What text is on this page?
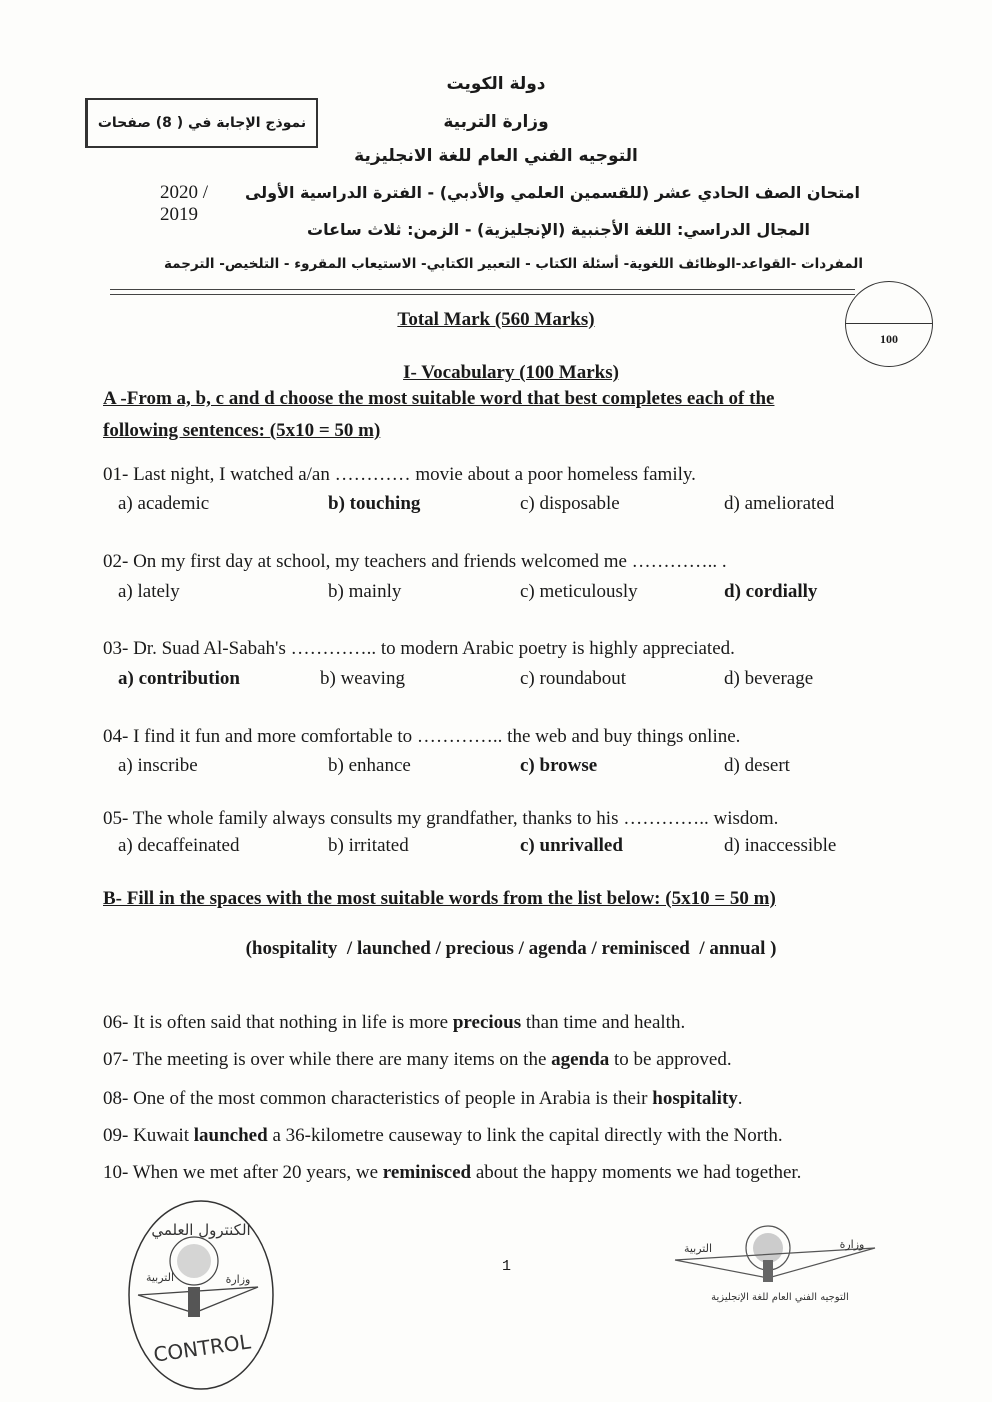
دولة الكويت
وزارة التربية
التوجيه الفني العام للغة الانجليزية
امتحان الصف الحادي عشر (للقسمين العلمي والأدبي) - الفترة الدراسية الأولى
2020 / 2019
المجال الدراسي: اللغة الأجنبية (الإنجليزية) - الزمن: ثلاث ساعات
المفردات -القواعد-الوظائف اللغوية- أسئلة الكتاب - التعبير الكتابي- الاستيعاب المقروء - التلخيص- الترجمة
نموذج الإجابة في ( 8) صفحات
100
Total Mark (560 Marks)
I- Vocabulary (100 Marks)
A -From a, b, c and d choose the most suitable word that best completes each of the
following sentences: (5x10 = 50 m)
01- Last night, I watched a/an ………… movie about a poor homeless family.
a) academic	b) touching	c) disposable	d) ameliorated
02- On my first day at school, my teachers and friends welcomed me ………….. .
a) lately	b) mainly	c) meticulously	d) cordially
03- Dr. Suad Al-Sabah's ………….. to modern Arabic poetry is highly appreciated.
a) contribution	b) weaving	c) roundabout	d) beverage
04- I find it fun and more comfortable to ………….. the web and buy things online.
a) inscribe	b) enhance	c) browse	d) desert
05- The whole family always consults my grandfather, thanks to his ………….. wisdom.
a) decaffeinated	b) irritated	c) unrivalled	d) inaccessible
B- Fill in the spaces with the most suitable words from the list below: (5x10 = 50 m)
(hospitality  / launched / precious / agenda / reminisced  / annual )
06- It is often said that nothing in life is more precious than time and health.
07- The meeting is over while there are many items on the agenda to be approved.
08- One of the most common characteristics of people in Arabia is their hospitality.
09- Kuwait launched a 36-kilometre causeway to link the capital directly with the North.
10- When we met after 20 years, we reminisced about the happy moments we had together.
1
الكنترول العلمي
التربية	وزارة
CONTROL
وزارة
التربية
التوجيه الفني العام للغة الإنجليزية
